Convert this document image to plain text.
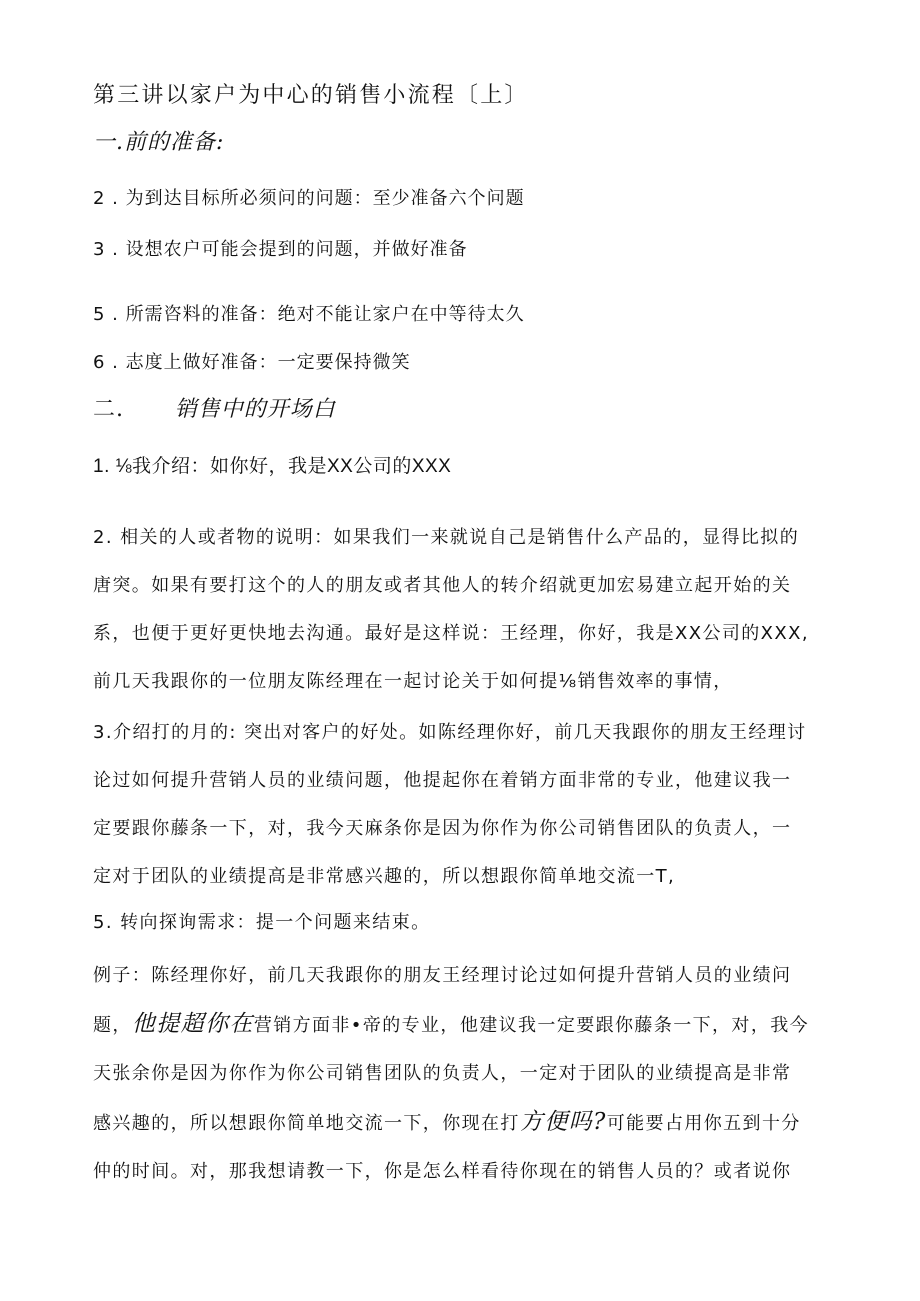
第三讲以家户为中心的销售小流程〔上〕
一.前的准备:
2 . 为到达目标所必须问的问题：至少准备六个问题
3 . 设想农户可能会提到的问题，并做好准备
5 . 所需咨料的准备：绝对不能让家户在中等待太久
6 . 志度上做好准备：一定要保持微笑
二. 销售中的开场白
1. ⅛我介绍：如你好，我是XX公司的XXX
2. 相关的人或者物的说明：如果我们一来就说自己是销售什么产品的，显得比拟的
唐突。如果有要打这个的人的朋友或者其他人的转介绍就更加宏易建立起开始的关
系，也便于更好更快地去沟通。最好是这样说：王经理，你好，我是XX公司的XXX,
前几天我跟你的一位朋友陈经理在一起讨论关于如何提⅛销售效率的事情，
3.介绍打的月的: 突出对客户的好处。如陈经理你好，前几天我跟你的朋友王经理讨
论过如何提升营销人员的业绩问题，他提起你在着销方面非常的专业，他建议我一
定要跟你藤条一下，对，我今天麻条你是因为你作为你公司销售团队的负责人，一
定对于团队的业绩提高是非常感兴趣的，所以想跟你简单地交流一T,
5. 转向探询需求：提一个问题来结束。
例子：陈经理你好，前几天我跟你的朋友王经理讨论过如何提升营销人员的业绩问
题，他提超你在营销方面非•帝的专业，他建议我一定要跟你藤条一下，对，我今
天张余你是因为你作为你公司销售团队的负责人，一定对于团队的业绩提高是非常
感兴趣的，所以想跟你简单地交流一下，你现在打方便吗?可能要占用你五到十分
仲的时间。对，那我想请教一下，你是怎么样看待你现在的销售人员的？或者说你
